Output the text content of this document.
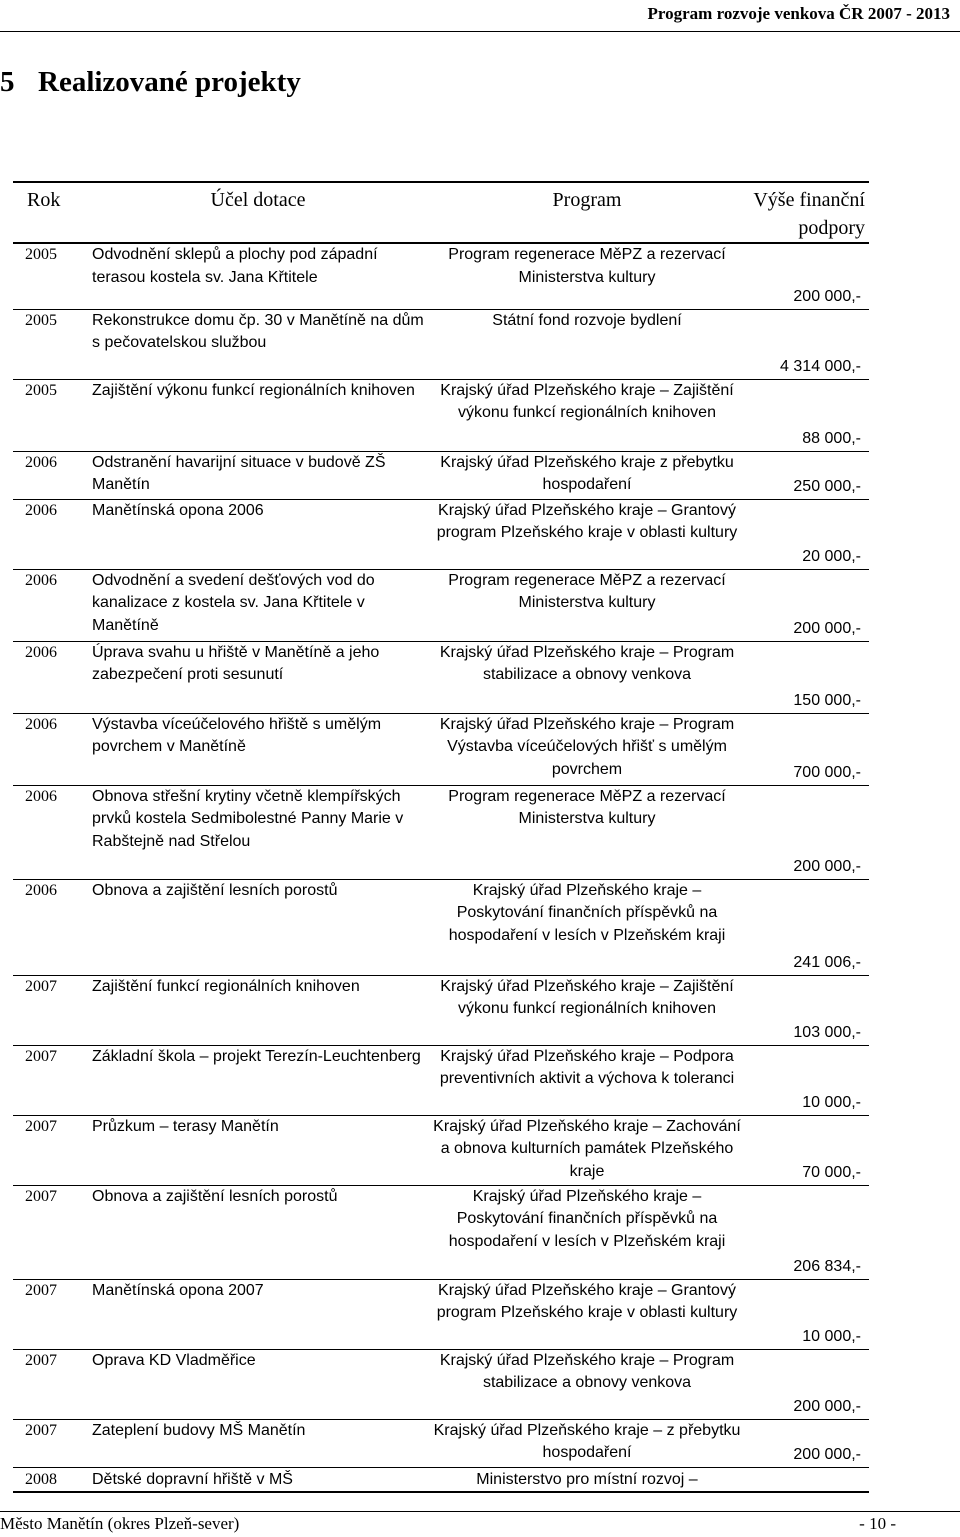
Program rozvoje venkova ČR 2007 - 2013
5 Realizované projekty
Rok	Účel dotace	Program	Výše finanční podpory
2005	Odvodnění sklepů a plochy pod západní terasou kostela sv. Jana Křtitele	Program regenerace MěPZ a rezervací Ministerstva kultury	200 000,-
2005	Rekonstrukce domu čp. 30 v Manětíně na dům s pečovatelskou službou	Státní fond rozvoje bydlení	4 314 000,-
2005	Zajištění výkonu funkcí regionálních knihoven	Krajský úřad Plzeňského kraje – Zajištění výkonu funkcí regionálních knihoven	88 000,-
2006	Odstranění havarijní situace v budově ZŠ Manětín	Krajský úřad Plzeňského kraje z přebytku hospodaření	250 000,-
2006	Manětínská opona 2006	Krajský úřad Plzeňského kraje – Grantový program Plzeňského kraje v oblasti kultury	20 000,-
2006	Odvodnění a svedení dešťových vod do kanalizace z kostela sv. Jana Křtitele v Manětíně	Program regenerace MěPZ a rezervací Ministerstva kultury	200 000,-
2006	Úprava svahu u hřiště v Manětíně a jeho zabezpečení proti sesunutí	Krajský úřad Plzeňského kraje – Program stabilizace a obnovy venkova	150 000,-
2006	Výstavba víceúčelového hřiště s umělým povrchem v Manětíně	Krajský úřad Plzeňského kraje – Program Výstavba víceúčelových hřišť s umělým povrchem	700 000,-
2006	Obnova střešní krytiny včetně klempířských prvků kostela Sedmibolestné Panny Marie v Rabštejně nad Střelou	Program regenerace MěPZ a rezervací Ministerstva kultury	200 000,-
2006	Obnova a zajištění lesních porostů	Krajský úřad Plzeňského kraje – Poskytování finančních příspěvků na hospodaření v lesích v Plzeňském kraji	241 006,-
2007	Zajištění funkcí regionálních knihoven	Krajský úřad Plzeňského kraje – Zajištění výkonu funkcí regionálních knihoven	103 000,-
2007	Základní škola – projekt Terezín-Leuchtenberg	Krajský úřad Plzeňského kraje – Podpora preventivních aktivit a výchova k toleranci	10 000,-
2007	Průzkum – terasy Manětín	Krajský úřad Plzeňského kraje – Zachování a obnova kulturních památek Plzeňského kraje	70 000,-
2007	Obnova a zajištění lesních porostů	Krajský úřad Plzeňského kraje – Poskytování finančních příspěvků na hospodaření v lesích v Plzeňském kraji	206 834,-
2007	Manětínská opona 2007	Krajský úřad Plzeňského kraje – Grantový program Plzeňského kraje v oblasti kultury	10 000,-
2007	Oprava KD Vladměřice	Krajský úřad Plzeňského kraje – Program stabilizace a obnovy venkova	200 000,-
2007	Zateplení budovy MŠ Manětín	Krajský úřad Plzeňského kraje – z přebytku hospodaření	200 000,-
2008	Dětské dopravní hřiště v MŠ	Ministerstvo pro místní rozvoj –	
Město Manětín (okres Plzeň-sever)	- 10 -
